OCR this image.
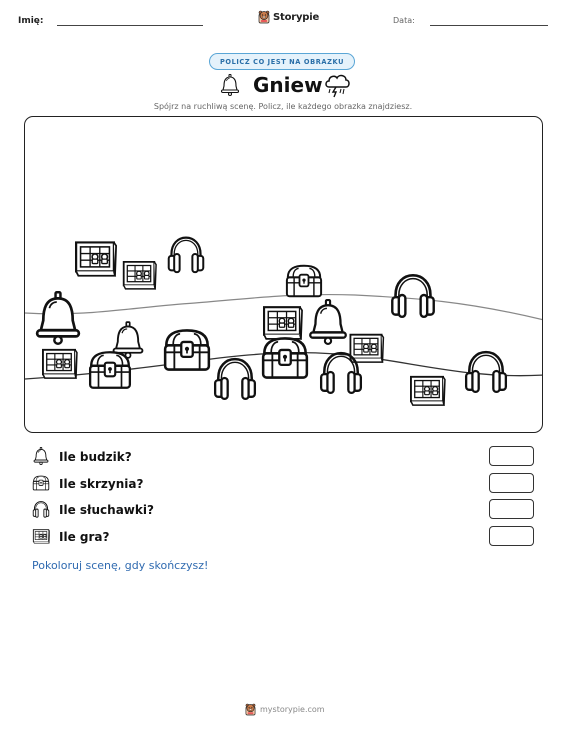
Imię:	Storypie	Data:
POLICZ CO JEST NA OBRAZKU
Gniew
Spójrz na ruchliwą scenę. Policz, ile każdego obrazka znajdziesz.
Ile budzik?
Ile skrzynia?
Ile słuchawki?
Ile gra?
Pokoloruj scenę, gdy skończysz!
mystorypie.com
